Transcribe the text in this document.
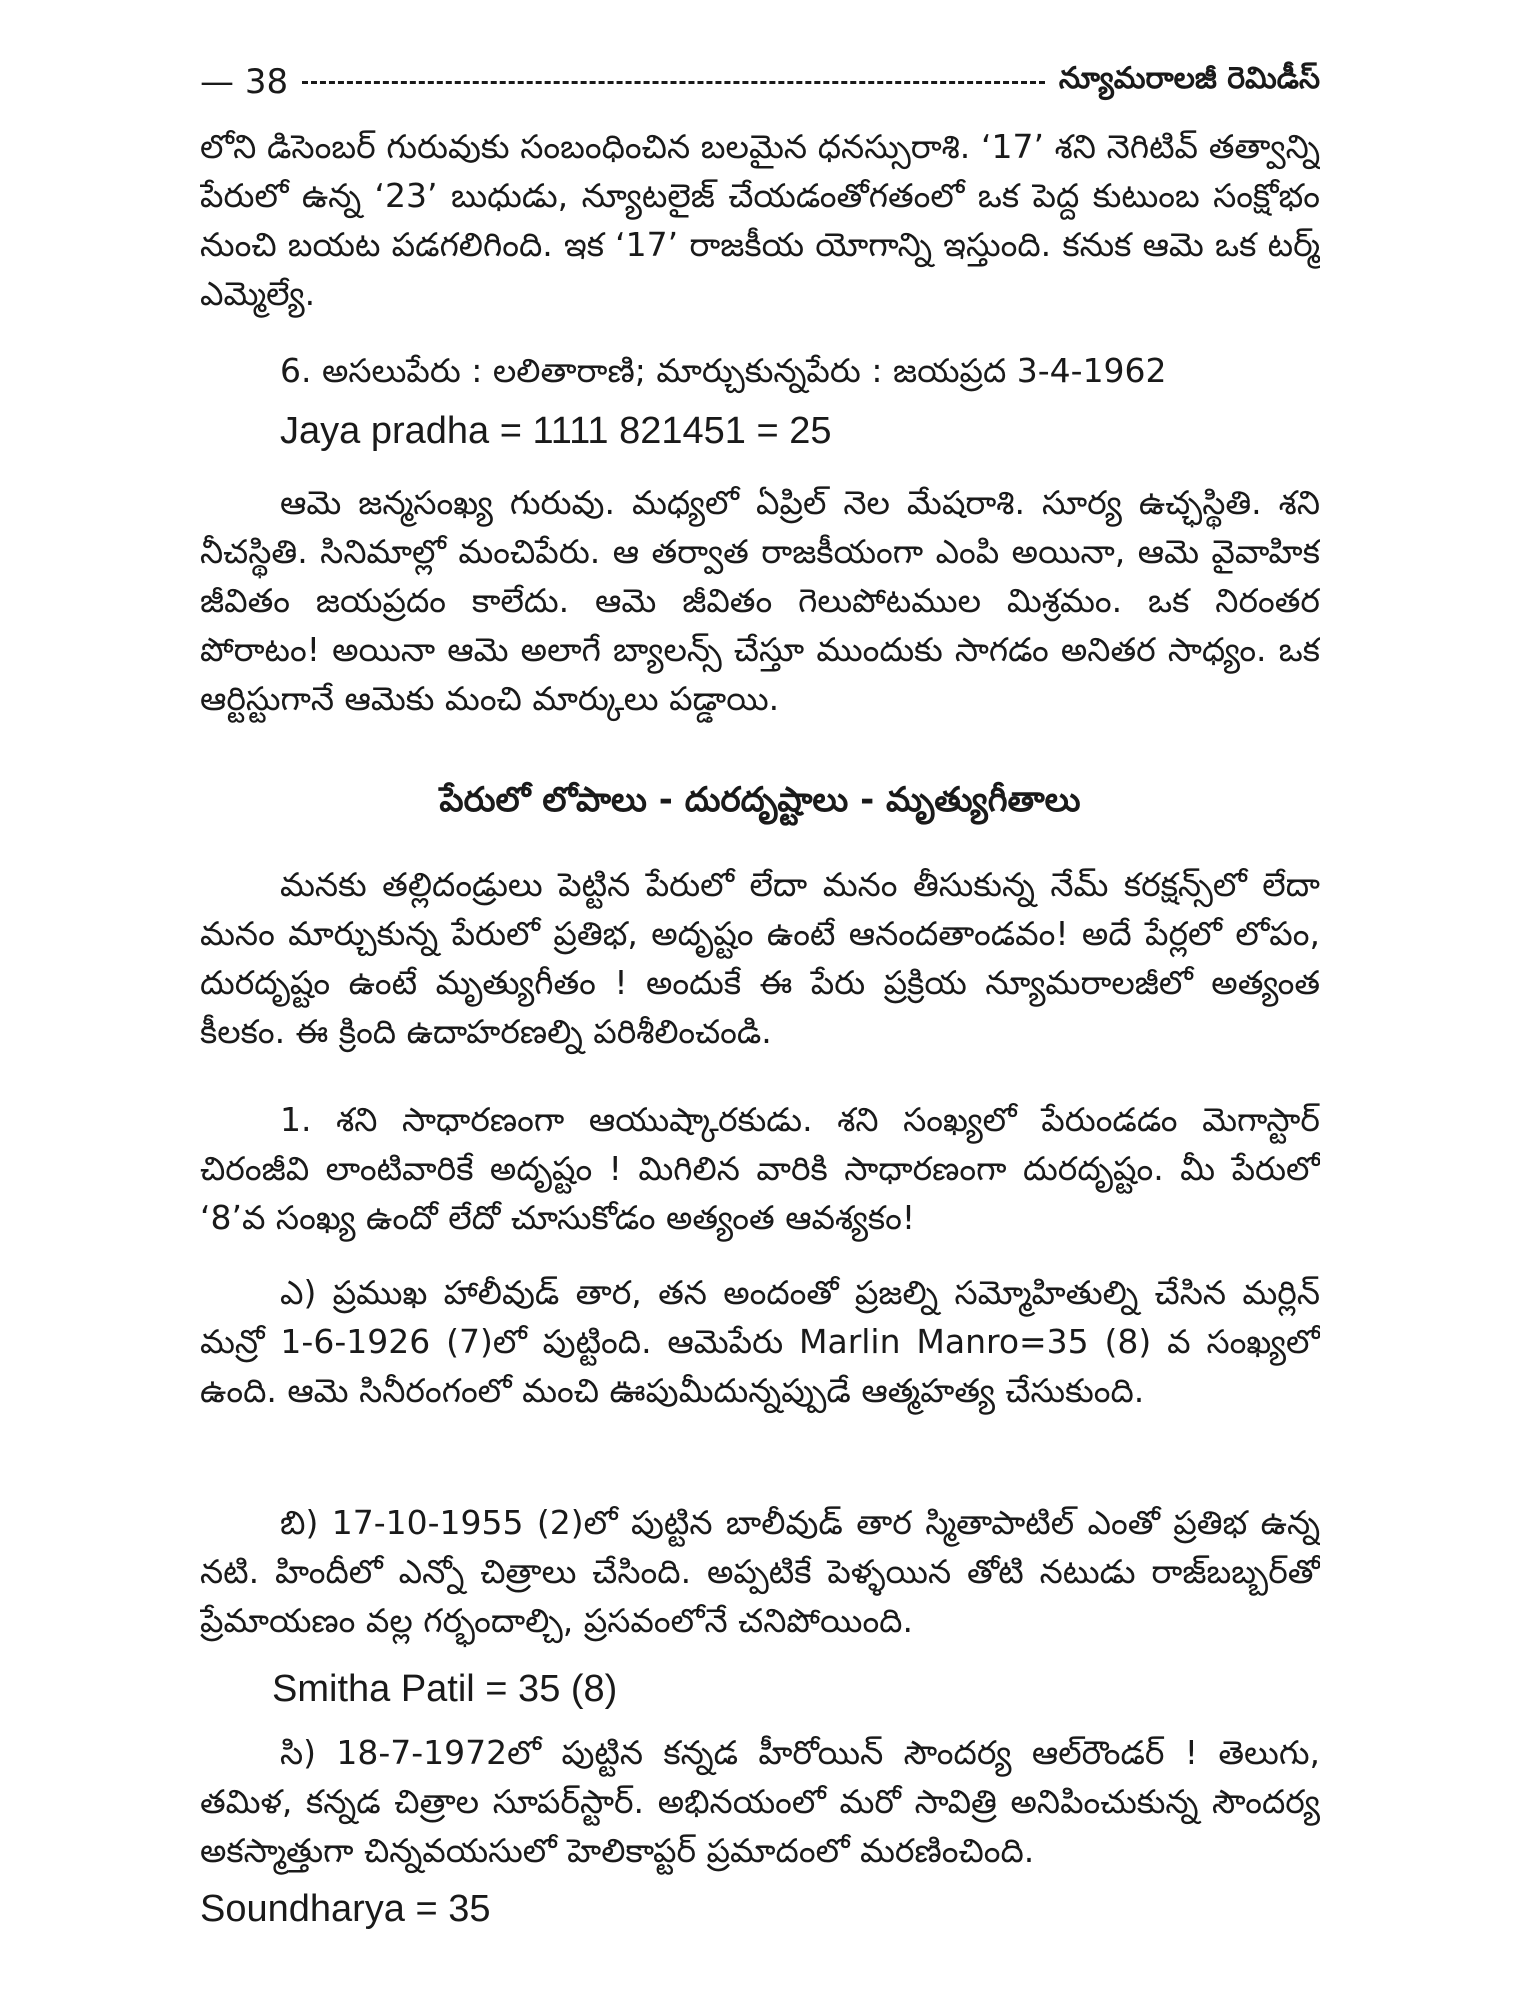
— 38	న్యూమరాలజీ రెమిడీస్

లోని డిసెంబర్ గురువుకు సంబంధించిన బలమైన ధనస్సురాశి. ‘17’ శని నెగిటివ్ తత్వాన్ని పేరులో ఉన్న ‘23’ బుధుడు, న్యూటలైజ్ చేయడంతోగతంలో ఒక పెద్ద కుటుంబ సంక్షోభం నుంచి బయట పడగలిగింది. ఇక ‘17’ రాజకీయ యోగాన్ని ఇస్తుంది. కనుక ఆమె ఒక టర్మ్ ఎమ్మెల్యే.

6. అసలుపేరు : లలితారాణి; మార్చుకున్నపేరు : జయప్రద 3-4-1962

Jaya pradha = 1111 821451 = 25

ఆమె జన్మసంఖ్య గురువు. మధ్యలో ఏప్రిల్ నెల మేషరాశి. సూర్య ఉచ్ఛస్థితి. శని నీచస్థితి. సినిమాల్లో మంచిపేరు. ఆ తర్వాత రాజకీయంగా ఎంపి అయినా, ఆమె వైవాహిక జీవితం జయప్రదం కాలేదు. ఆమె జీవితం గెలుపోటముల మిశ్రమం. ఒక నిరంతర పోరాటం! అయినా ఆమె అలాగే బ్యాలన్స్ చేస్తూ ముందుకు సాగడం అనితర సాధ్యం. ఒక ఆర్టిస్టుగానే ఆమెకు మంచి మార్కులు పడ్డాయి.

పేరులో లోపాలు - దురదృష్టాలు - మృత్యుగీతాలు

మనకు తల్లిదండ్రులు పెట్టిన పేరులో లేదా మనం తీసుకున్న నేమ్ కరక్షన్స్‌లో లేదా మనం మార్చుకున్న పేరులో ప్రతిభ, అదృష్టం ఉంటే ఆనందతాండవం! అదే పేర్లలో లోపం, దురదృష్టం ఉంటే మృత్యుగీతం ! అందుకే ఈ పేరు ప్రక్రియ న్యూమరాలజీలో అత్యంత కీలకం. ఈ క్రింది ఉదాహరణల్ని పరిశీలించండి.

1. శని సాధారణంగా ఆయుష్కారకుడు. శని సంఖ్యలో పేరుండడం మెగాస్టార్ చిరంజీవి లాంటివారికే అదృష్టం ! మిగిలిన వారికి సాధారణంగా దురదృష్టం. మీ పేరులో ‘8’వ సంఖ్య ఉందో లేదో చూసుకోడం అత్యంత ఆవశ్యకం!

ఎ) ప్రముఖ హాలీవుడ్ తార, తన అందంతో ప్రజల్ని సమ్మోహితుల్ని చేసిన మర్లిన్ మన్రో 1-6-1926 (7)లో పుట్టింది. ఆమెపేరు Marlin Manro=35 (8) వ సంఖ్యలో ఉంది. ఆమె సినీరంగంలో మంచి ఊపుమీదున్నప్పుడే ఆత్మహత్య చేసుకుంది.

బి) 17-10-1955 (2)లో పుట్టిన బాలీవుడ్ తార స్మితాపాటిల్ ఎంతో ప్రతిభ ఉన్న నటి. హిందీలో ఎన్నో చిత్రాలు చేసింది. అప్పటికే పెళ్ళయిన తోటి నటుడు రాజ్‌బబ్బర్‌తో ప్రేమాయణం వల్ల గర్భందాల్చి, ప్రసవంలోనే చనిపోయింది.

Smitha Patil = 35 (8)

సి) 18-7-1972లో పుట్టిన కన్నడ హీరోయిన్ సౌందర్య ఆల్‌రౌండర్ ! తెలుగు, తమిళ, కన్నడ చిత్రాల సూపర్‌స్టార్. అభినయంలో మరో సావిత్రి అనిపించుకున్న సౌందర్య అకస్మాత్తుగా చిన్నవయసులో హెలికాప్టర్ ప్రమాదంలో మరణించింది.

Soundharya = 35
